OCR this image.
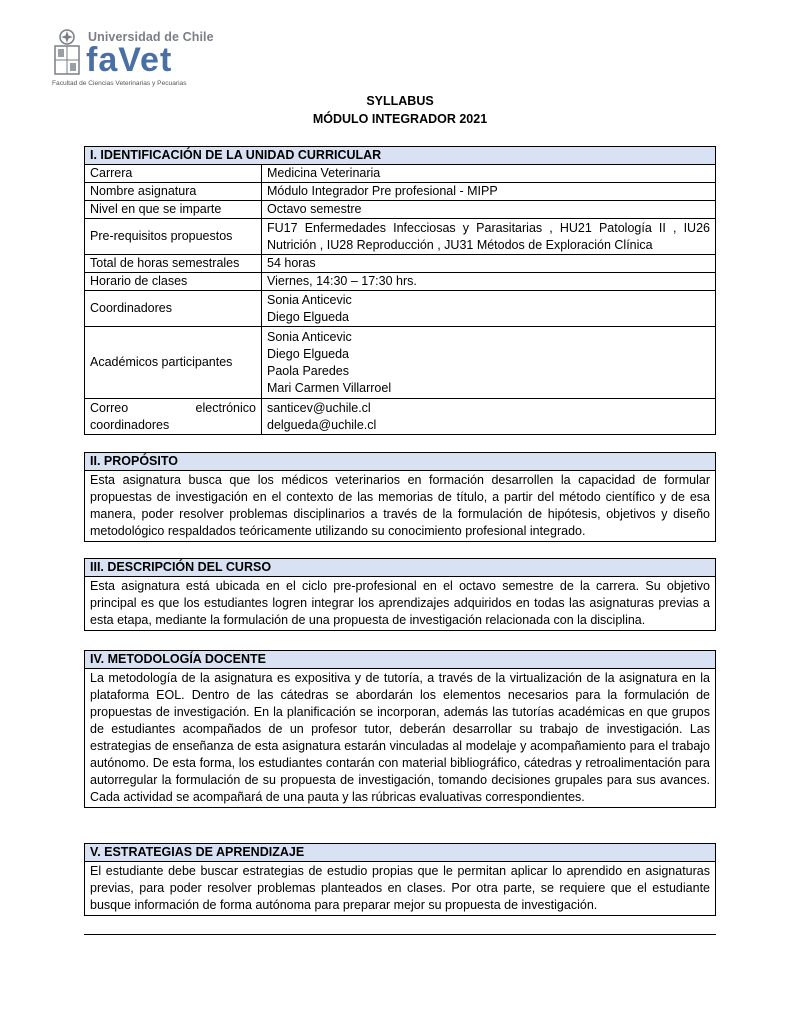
Universidad de Chile
faVet
Facultad de Ciencias Veterinarias y Pecuarias
SYLLABUS
MÓDULO INTEGRADOR 2021
I. IDENTIFICACIÓN DE LA UNIDAD CURRICULAR	
Carrera	Medicina Veterinaria
Nombre asignatura	Módulo Integrador Pre profesional - MIPP
Nivel en que se imparte	Octavo semestre
Pre-requisitos propuestos	FU17 Enfermedades Infecciosas y Parasitarias , HU21 Patología II , IU26 Nutrición , IU28 Reproducción , JU31 Métodos de Exploración Clínica
Total de horas semestrales	54 horas
Horario de clases	Viernes, 14:30 – 17:30 hrs.
Coordinadores	Sonia Anticevic
Diego Elgueda

Académicos participantes	Sonia Anticevic
Diego Elgueda
Paola Paredes
Mari Carmen Villarroel

Correo electrónico coordinadores	santicev@uchile.cl
delgueda@uchile.cl
II. PROPÓSITO
Esta asignatura busca que los médicos veterinarios en formación desarrollen la capacidad de formular propuestas de investigación en el contexto de las memorias de título, a partir del método científico y de esa manera, poder resolver problemas disciplinarios a través de la formulación de hipótesis, objetivos y diseño metodológico respaldados teóricamente utilizando su conocimiento profesional integrado.
III. DESCRIPCIÓN DEL CURSO
Esta asignatura está ubicada en el ciclo pre-profesional en el octavo semestre de la carrera. Su objetivo principal es que los estudiantes logren integrar los aprendizajes adquiridos en todas las asignaturas previas a esta etapa, mediante la formulación de una propuesta de investigación relacionada con la disciplina.
IV. METODOLOGÍA DOCENTE
La metodología de la asignatura es expositiva y de tutoría, a través de la virtualización de la asignatura en la plataforma EOL. Dentro de las cátedras se abordarán los elementos necesarios para la formulación de propuestas de investigación. En la planificación se incorporan, además las tutorías académicas en que grupos de estudiantes acompañados de un profesor tutor, deberán desarrollar su trabajo de investigación. Las estrategias de enseñanza de esta asignatura estarán vinculadas al modelaje y acompañamiento para el trabajo autónomo. De esta forma, los estudiantes contarán con material bibliográfico, cátedras y retroalimentación para autorregular la formulación de su propuesta de investigación, tomando decisiones grupales para sus avances. Cada actividad se acompañará de una pauta y las rúbricas evaluativas correspondientes.
V. ESTRATEGIAS DE APRENDIZAJE
El estudiante debe buscar estrategias de estudio propias que le permitan aplicar lo aprendido en asignaturas previas, para poder resolver problemas planteados en clases. Por otra parte, se requiere que el estudiante busque información de forma autónoma para preparar mejor su propuesta de investigación.
